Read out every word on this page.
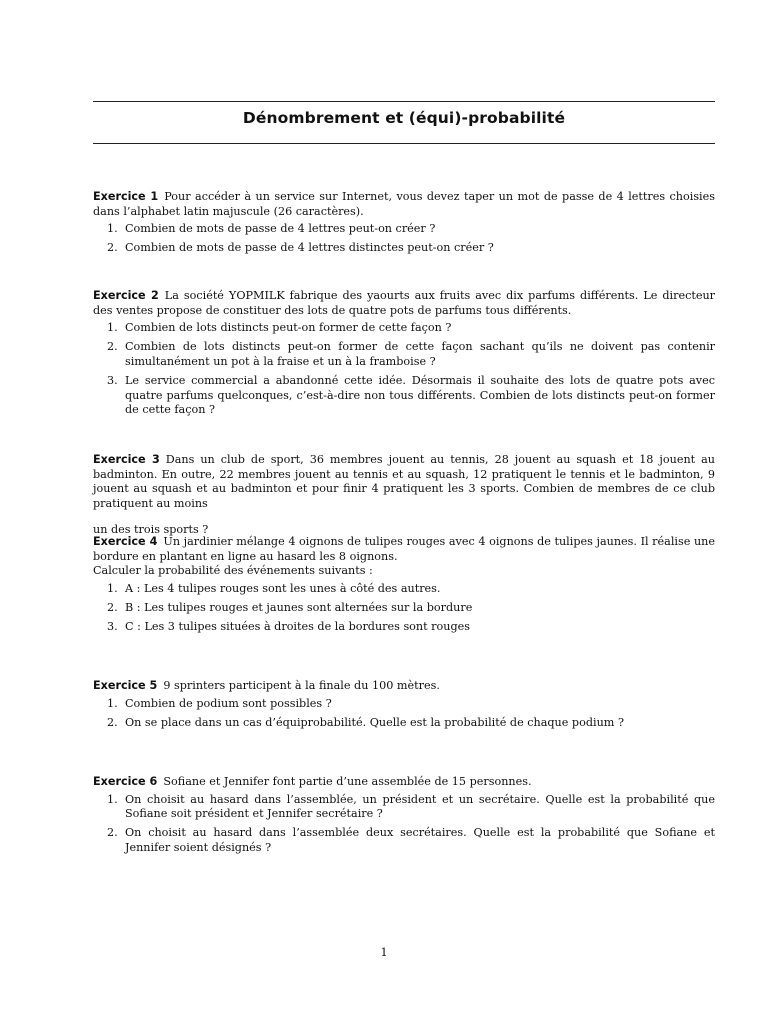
Dénombrement et (équi)-probabilité
Exercice 1 Pour accéder à un service sur Internet, vous devez taper un mot de passe de 4 lettres choisies dans l’alphabet latin majuscule (26 caractères).
1. Combien de mots de passe de 4 lettres peut-on créer ?
2. Combien de mots de passe de 4 lettres distinctes peut-on créer ?
Exercice 2 La société YOPMILK fabrique des yaourts aux fruits avec dix parfums différents. Le directeur des ventes propose de constituer des lots de quatre pots de parfums tous différents.
1. Combien de lots distincts peut-on former de cette façon ?
2. Combien de lots distincts peut-on former de cette façon sachant qu’ils ne doivent pas contenir simultanément un pot à la fraise et un à la framboise ?
3. Le service commercial a abandonné cette idée. Désormais il souhaite des lots de quatre pots avec quatre parfums quelconques, c’est-à-dire non tous différents. Combien de lots distincts peut-on former de cette façon ?
Exercice 3 Dans un club de sport, 36 membres jouent au tennis, 28 jouent au squash et 18 jouent au badminton. En outre, 22 membres jouent au tennis et au squash, 12 pratiquent le tennis et le badminton, 9 jouent au squash et au badminton et pour finir 4 pratiquent les 3 sports. Combien de membres de ce club pratiquent au moins
un des trois sports ?
Exercice 4 Un jardinier mélange 4 oignons de tulipes rouges avec 4 oignons de tulipes jaunes. Il réalise une bordure en plantant en ligne au hasard les 8 oignons.
Calculer la probabilité des événements suivants :
1. A : Les 4 tulipes rouges sont les unes à côté des autres.
2. B : Les tulipes rouges et jaunes sont alternées sur la bordure
3. C : Les 3 tulipes situées à droites de la bordures sont rouges
Exercice 5 9 sprinters participent à la finale du 100 mètres.
1. Combien de podium sont possibles ?
2. On se place dans un cas d’équiprobabilité. Quelle est la probabilité de chaque podium ?
Exercice 6 Sofiane et Jennifer font partie d’une assemblée de 15 personnes.
1. On choisit au hasard dans l’assemblée, un président et un secrétaire. Quelle est la probabilité que Sofiane soit président et Jennifer secrétaire ?
2. On choisit au hasard dans l’assemblée deux secrétaires. Quelle est la probabilité que Sofiane et Jennifer soient désignés ?
1
